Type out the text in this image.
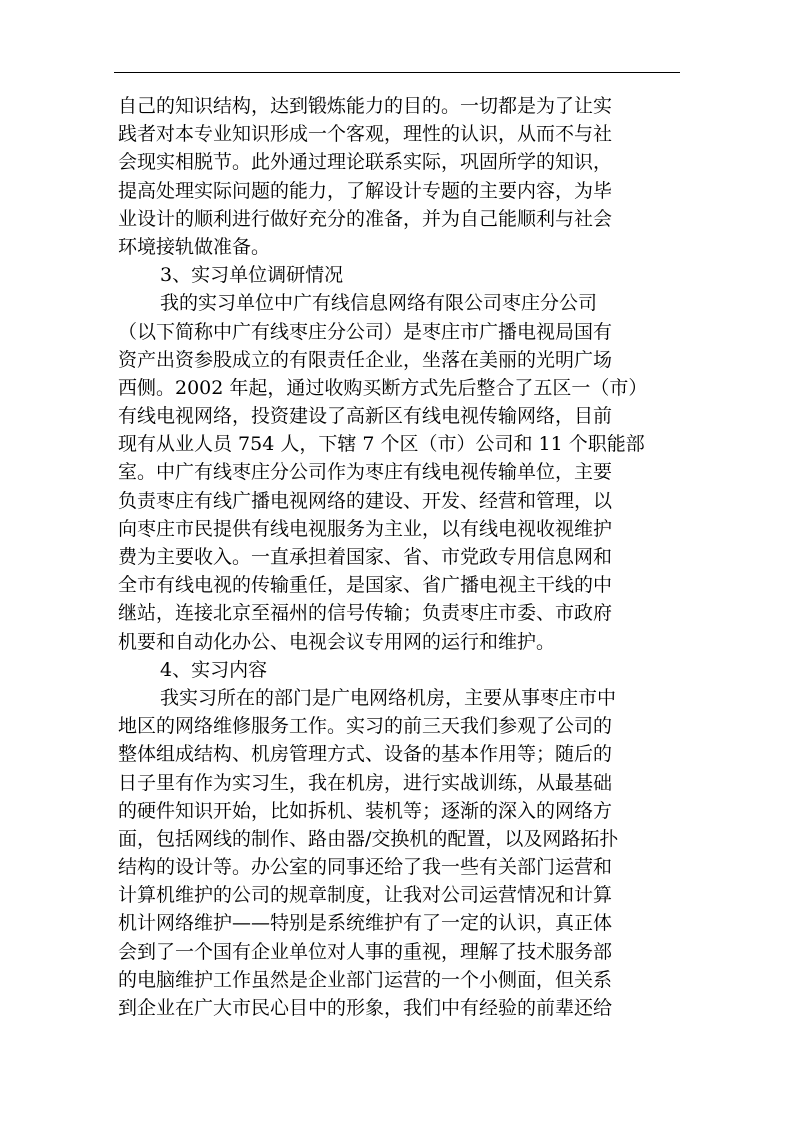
自己的知识结构，达到锻炼能力的目的。一切都是为了让实
践者对本专业知识形成一个客观，理性的认识，从而不与社
会现实相脱节。此外通过理论联系实际，巩固所学的知识，
提高处理实际问题的能力，了解设计专题的主要内容，为毕
业设计的顺利进行做好充分的准备，并为自己能顺利与社会
环境接轨做准备。
3、实习单位调研情况
我的实习单位中广有线信息网络有限公司枣庄分公司
（以下简称中广有线枣庄分公司）是枣庄市广播电视局国有
资产出资参股成立的有限责任企业，坐落在美丽的光明广场
西侧。2002 年起，通过收购买断方式先后整合了五区一（市）
有线电视网络，投资建设了高新区有线电视传输网络，目前
现有从业人员 754 人，下辖 7 个区（市）公司和 11 个职能部
室。中广有线枣庄分公司作为枣庄有线电视传输单位，主要
负责枣庄有线广播电视网络的建设、开发、经营和管理，以
向枣庄市民提供有线电视服务为主业，以有线电视收视维护
费为主要收入。一直承担着国家、省、市党政专用信息网和
全市有线电视的传输重任，是国家、省广播电视主干线的中
继站，连接北京至福州的信号传输；负责枣庄市委、市政府
机要和自动化办公、电视会议专用网的运行和维护。
4、实习内容
我实习所在的部门是广电网络机房，主要从事枣庄市中
地区的网络维修服务工作。实习的前三天我们参观了公司的
整体组成结构、机房管理方式、设备的基本作用等；随后的
日子里有作为实习生，我在机房，进行实战训练，从最基础
的硬件知识开始，比如拆机、装机等；逐渐的深入的网络方
面，包括网线的制作、路由器/交换机的配置，以及网路拓扑
结构的设计等。办公室的同事还给了我一些有关部门运营和
计算机维护的公司的规章制度，让我对公司运营情况和计算
机计网络维护——特别是系统维护有了一定的认识，真正体
会到了一个国有企业单位对人事的重视，理解了技术服务部
的电脑维护工作虽然是企业部门运营的一个小侧面，但关系
到企业在广大市民心目中的形象，我们中有经验的前辈还给
